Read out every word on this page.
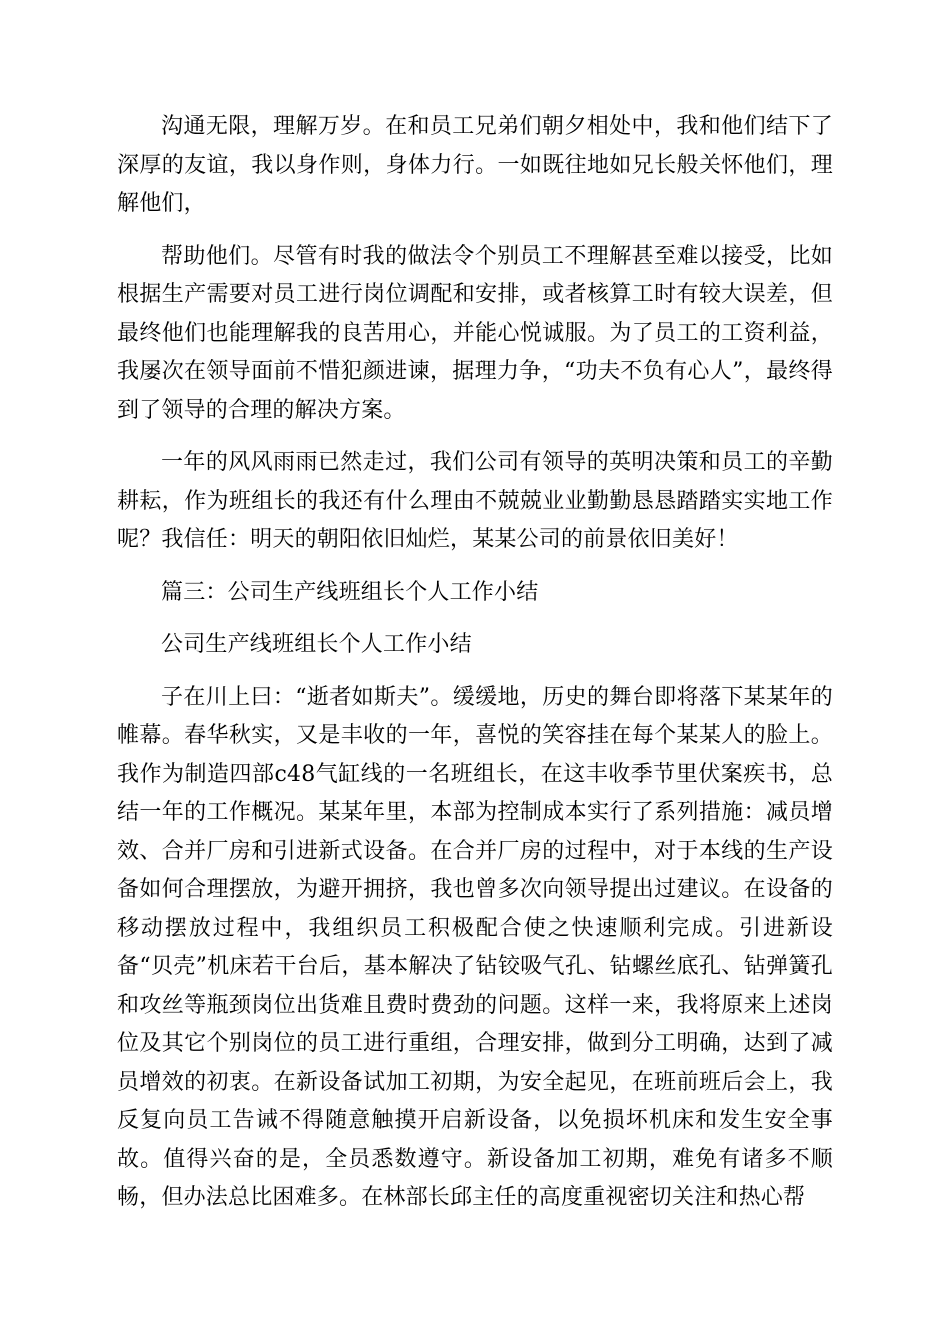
沟通无限，理解万岁。在和员工兄弟们朝夕相处中，我和他们结下了深厚的友谊，我以身作则，身体力行。一如既往地如兄长般关怀他们，理解他们，

帮助他们。尽管有时我的做法令个别员工不理解甚至难以接受，比如根据生产需要对员工进行岗位调配和安排，或者核算工时有较大误差，但最终他们也能理解我的良苦用心，并能心悦诚服。为了员工的工资利益，我屡次在领导面前不惜犯颜进谏，据理力争，“功夫不负有心人”，最终得到了领导的合理的解决方案。

一年的风风雨雨已然走过，我们公司有领导的英明决策和员工的辛勤耕耘，作为班组长的我还有什么理由不兢兢业业勤勤恳恳踏踏实实地工作呢？我信任：明天的朝阳依旧灿烂，某某公司的前景依旧美好！

篇三：公司生产线班组长个人工作小结

公司生产线班组长个人工作小结

子在川上曰：“逝者如斯夫”。缓缓地，历史的舞台即将落下某某年的帷幕。春华秋实，又是丰收的一年，喜悦的笑容挂在每个某某人的脸上。我作为制造四部c48气缸线的一名班组长，在这丰收季节里伏案疾书，总结一年的工作概况。某某年里，本部为控制成本实行了系列措施：减员增效、合并厂房和引进新式设备。在合并厂房的过程中，对于本线的生产设备如何合理摆放，为避开拥挤，我也曾多次向领导提出过建议。在设备的移动摆放过程中，我组织员工积极配合使之快速顺利完成。引进新设备“贝壳”机床若干台后，基本解决了钻铰吸气孔、钻螺丝底孔、钻弹簧孔和攻丝等瓶颈岗位出货难且费时费劲的问题。这样一来，我将原来上述岗位及其它个别岗位的员工进行重组，合理安排，做到分工明确，达到了减员增效的初衷。在新设备试加工初期，为安全起见，在班前班后会上，我反复向员工告诫不得随意触摸开启新设备，以免损坏机床和发生安全事故。值得兴奋的是，全员悉数遵守。新设备加工初期，难免有诸多不顺畅，但办法总比困难多。在林部长邱主任的高度重视密切关注和热心帮
